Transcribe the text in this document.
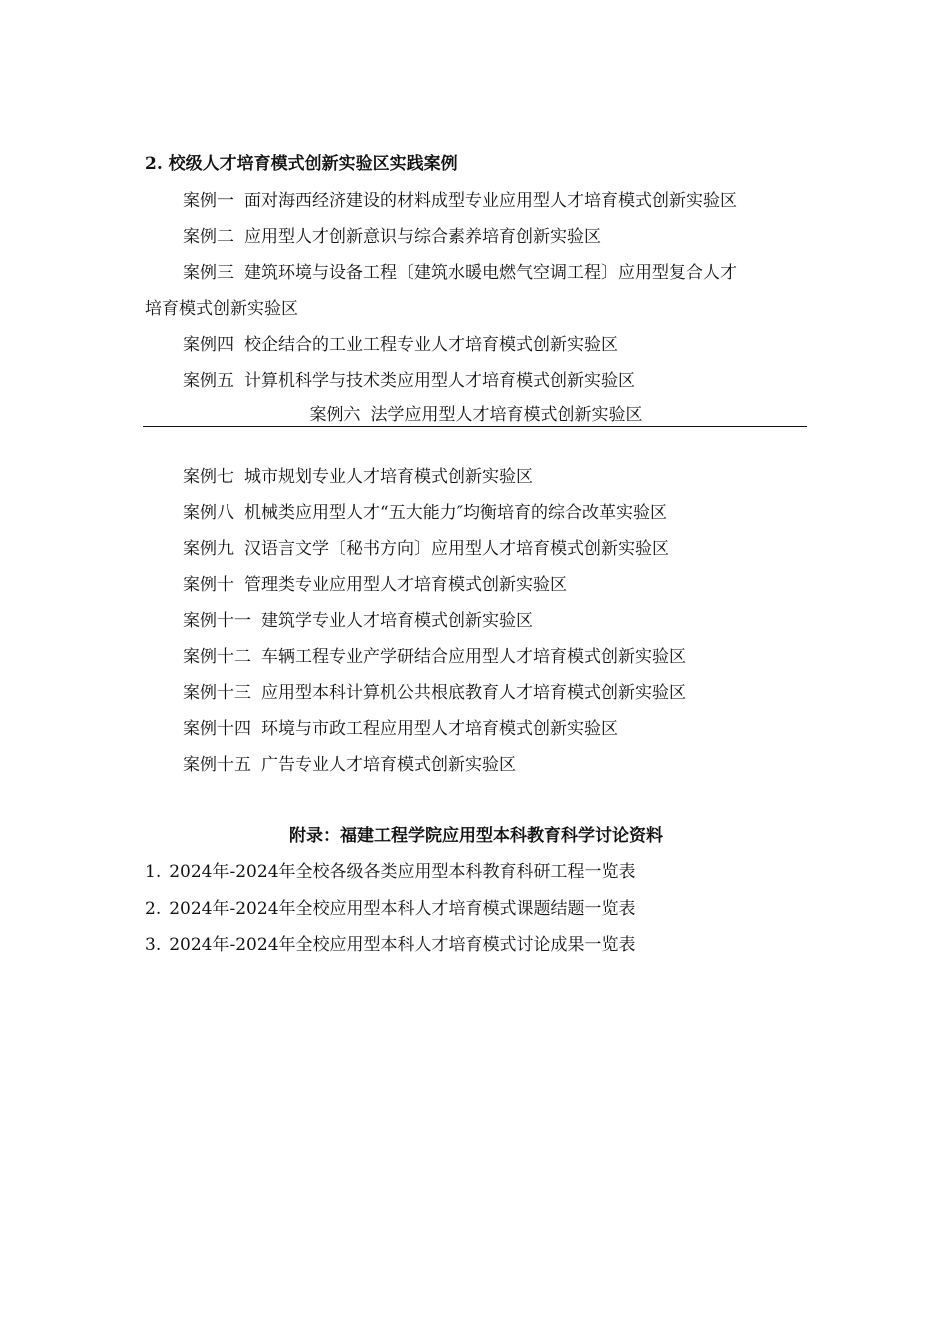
2. 校级人才培育模式创新实验区实践案例
案例一 面对海西经济建设的材料成型专业应用型人才培育模式创新实验区
案例二 应用型人才创新意识与综合素养培育创新实验区
案例三 建筑环境与设备工程〔建筑水暖电燃气空调工程〕应用型复合人才
培育模式创新实验区
案例四 校企结合的工业工程专业人才培育模式创新实验区
案例五 计算机科学与技术类应用型人才培育模式创新实验区
案例六 法学应用型人才培育模式创新实验区
案例七 城市规划专业人才培育模式创新实验区
案例八 机械类应用型人才“五大能力″均衡培育的综合改革实验区
案例九 汉语言文学〔秘书方向〕应用型人才培育模式创新实验区
案例十 管理类专业应用型人才培育模式创新实验区
案例十一 建筑学专业人才培育模式创新实验区
案例十二 车辆工程专业产学研结合应用型人才培育模式创新实验区
案例十三 应用型本科计算机公共根底教育人才培育模式创新实验区
案例十四 环境与市政工程应用型人才培育模式创新实验区
案例十五 广告专业人才培育模式创新实验区
附录：福建工程学院应用型本科教育科学讨论资料
1. 2024年-2024年全校各级各类应用型本科教育科研工程一览表
2. 2024年-2024年全校应用型本科人才培育模式课题结题一览表
3. 2024年-2024年全校应用型本科人才培育模式讨论成果一览表
